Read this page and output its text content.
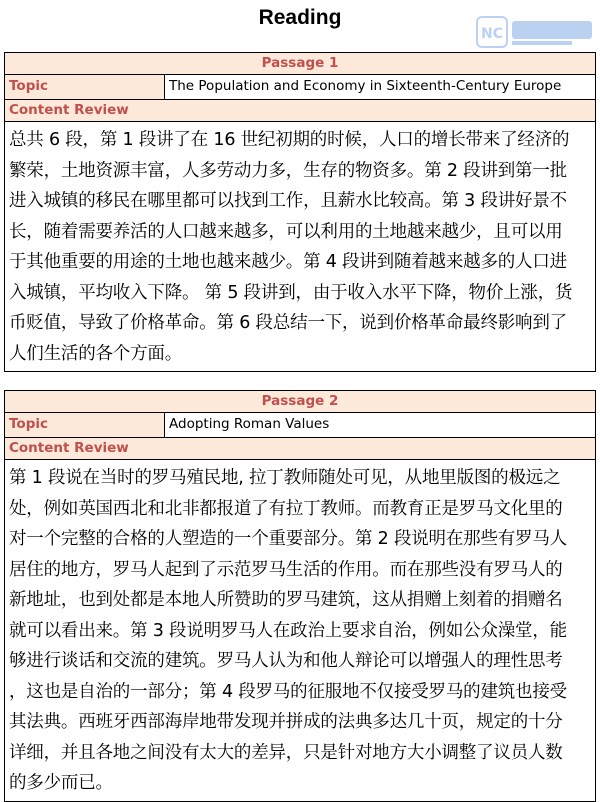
Reading
NC
Passage 1
Topic	The Population and Economy in Sixteenth-Century Europe
Content Review
总共 6 段，第 1 段讲了在 16 世纪初期的时候，人口的增长带来了经济的
繁荣，土地资源丰富，人多劳动力多，生存的物资多。第 2 段讲到第一批
进入城镇的移民在哪里都可以找到工作，且薪水比较高。第 3 段讲好景不
长，随着需要养活的人口越来越多，可以利用的土地越来越少，且可以用
于其他重要的用途的土地也越来越少。第 4 段讲到随着越来越多的人口进
入城镇，平均收入下降。 第 5 段讲到，由于收入水平下降，物价上涨，货
币贬值，导致了价格革命。第 6 段总结一下，说到价格革命最终影响到了
人们生活的各个方面。
Passage 2
Topic	Adopting Roman Values
Content Review
第 1 段说在当时的罗马殖民地, 拉丁教师随处可见，从地里版图的极远之
处，例如英国西北和北非都报道了有拉丁教师。而教育正是罗马文化里的
对一个完整的合格的人塑造的一个重要部分。第 2 段说明在那些有罗马人
居住的地方，罗马人起到了示范罗马生活的作用。而在那些没有罗马人的
新地址，也到处都是本地人所赞助的罗马建筑，这从捐赠上刻着的捐赠名
就可以看出来。第 3 段说明罗马人在政治上要求自治，例如公众澡堂，能
够进行谈话和交流的建筑。罗马人认为和他人辩论可以增强人的理性思考
，这也是自治的一部分；第 4 段罗马的征服地不仅接受罗马的建筑也接受
其法典。西班牙西部海岸地带发现并拼成的法典多达几十页，规定的十分
详细，并且各地之间没有太大的差异，只是针对地方大小调整了议员人数
的多少而已。
